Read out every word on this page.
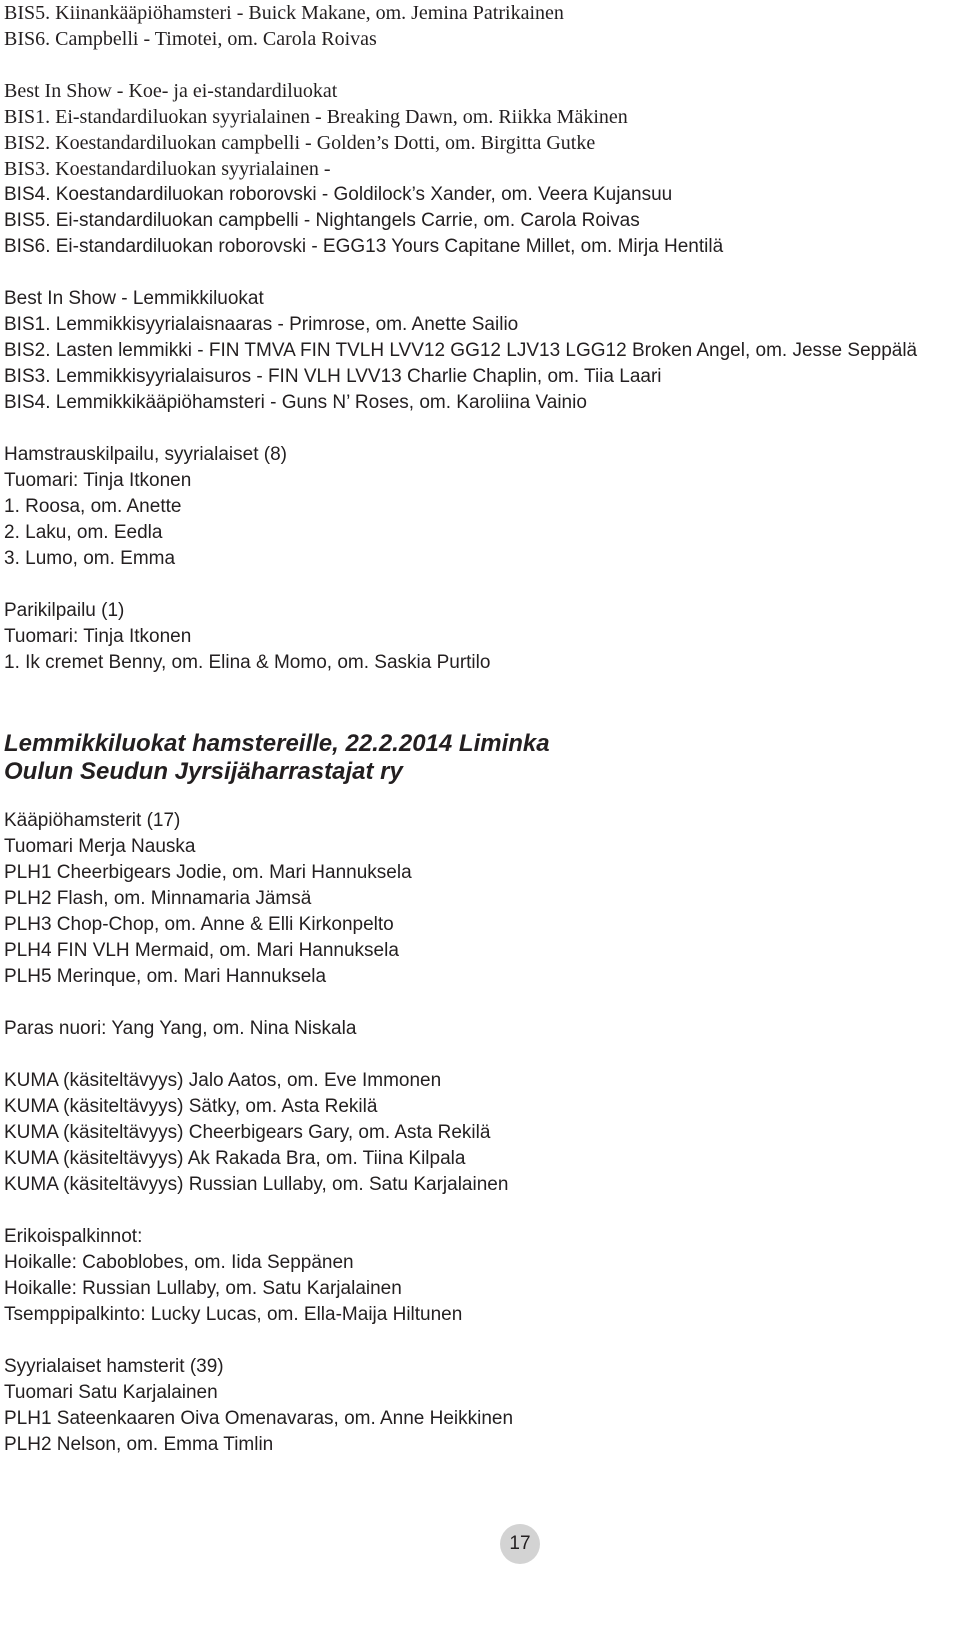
BIS5. Kiinankääpiöhamsteri - Buick Makane, om. Jemina Patrikainen
BIS6. Campbelli - Timotei, om. Carola Roivas
Best In Show - Koe- ja ei-standardiluokat
BIS1. Ei-standardiluokan syyrialainen - Breaking Dawn, om. Riikka Mäkinen
BIS2. Koestandardiluokan campbelli - Golden’s Dotti, om. Birgitta Gutke
BIS3. Koestandardiluokan syyrialainen -
BIS4. Koestandardiluokan roborovski - Goldilock’s Xander, om. Veera Kujansuu
BIS5. Ei-standardiluokan campbelli - Nightangels Carrie, om. Carola Roivas
BIS6. Ei-standardiluokan roborovski - EGG13 Yours Capitane Millet, om. Mirja Hentilä
Best In Show - Lemmikkiluokat
BIS1. Lemmikkisyyrialaisnaaras - Primrose, om. Anette Sailio
BIS2. Lasten lemmikki - FIN TMVA FIN TVLH LVV12 GG12 LJV13 LGG12 Broken Angel, om. Jesse Seppälä
BIS3. Lemmikkisyyrialaisuros - FIN VLH LVV13 Charlie Chaplin, om. Tiia Laari
BIS4. Lemmikkikääpiöhamsteri - Guns N’ Roses, om. Karoliina Vainio
Hamstrauskilpailu, syyrialaiset (8)
Tuomari: Tinja Itkonen
1. Roosa, om. Anette
2. Laku, om. Eedla
3. Lumo, om. Emma
Parikilpailu (1)
Tuomari: Tinja Itkonen
1. Ik cremet Benny, om. Elina & Momo, om. Saskia Purtilo
Lemmikkiluokat hamstereille, 22.2.2014 Liminka
Oulun Seudun Jyrsijäharrastajat ry
Kääpiöhamsterit (17)
Tuomari Merja Nauska
PLH1 Cheerbigears Jodie, om. Mari Hannuksela
PLH2 Flash, om. Minnamaria Jämsä
PLH3 Chop-Chop, om. Anne & Elli Kirkonpelto
PLH4 FIN VLH Mermaid, om. Mari Hannuksela
PLH5 Merinque, om. Mari Hannuksela
Paras nuori: Yang Yang, om. Nina Niskala
KUMA (käsiteltävyys) Jalo Aatos, om. Eve Immonen
KUMA (käsiteltävyys) Sätky, om. Asta Rekilä
KUMA (käsiteltävyys) Cheerbigears Gary, om. Asta Rekilä
KUMA (käsiteltävyys) Ak Rakada Bra, om. Tiina Kilpala
KUMA (käsiteltävyys) Russian Lullaby, om. Satu Karjalainen
Erikoispalkinnot:
Hoikalle: Caboblobes, om. Iida Seppänen
Hoikalle: Russian Lullaby, om. Satu Karjalainen
Tsemppipalkinto: Lucky Lucas, om. Ella-Maija Hiltunen
Syyrialaiset hamsterit (39)
Tuomari Satu Karjalainen
PLH1 Sateenkaaren Oiva Omenavaras, om. Anne Heikkinen
PLH2 Nelson, om. Emma Timlin
17
